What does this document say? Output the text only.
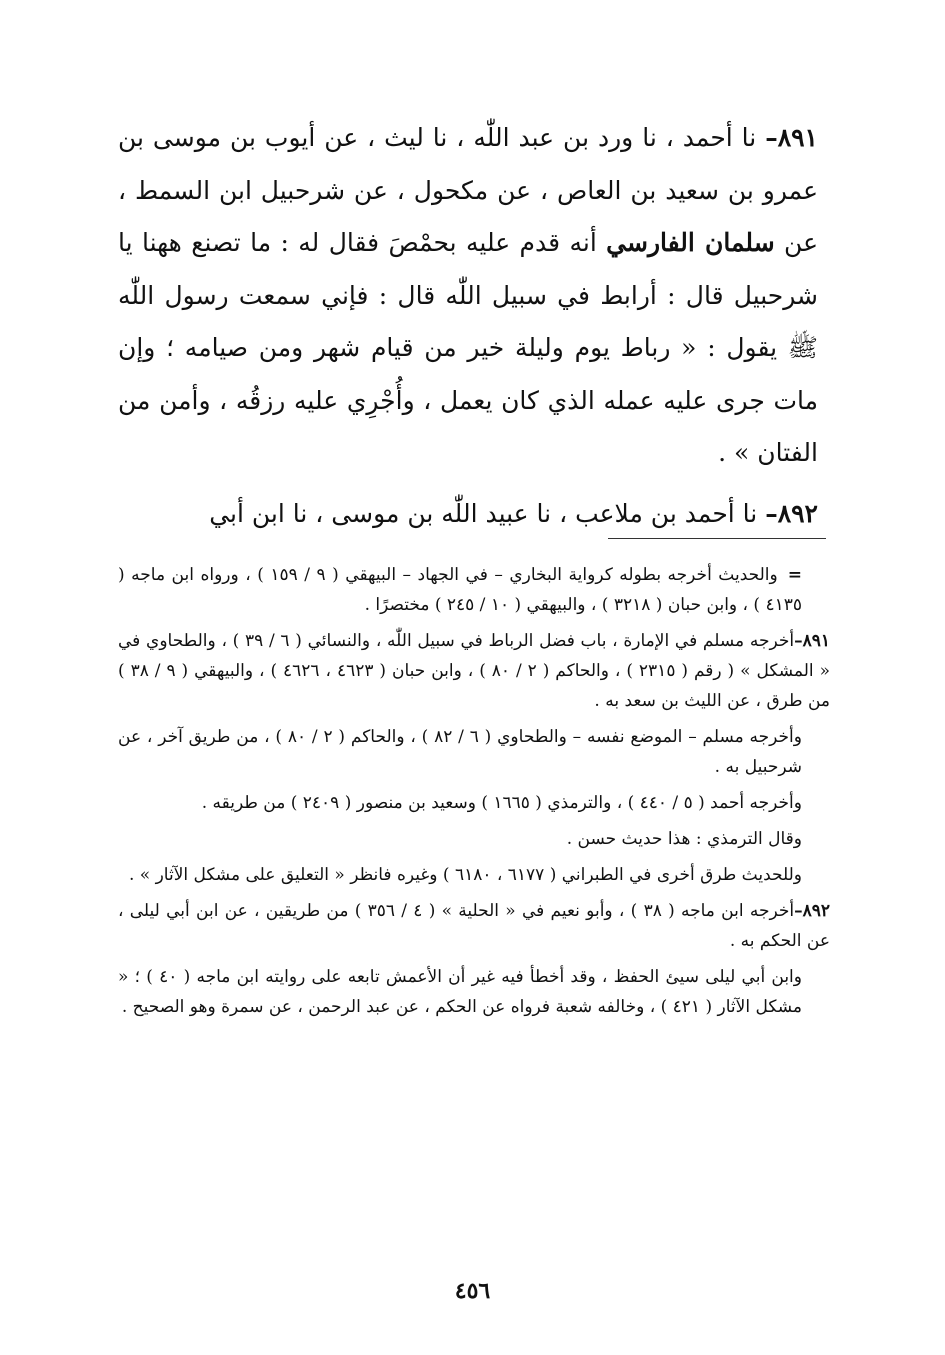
٨٩١– نا أحمد ، نا ورد بن عبد اللّٰه ، نا ليث ، عن أيوب بن موسى بن عمرو بن سعيد بن العاص ، عن مكحول ، عن شرحبيل ابن السمط ، عن سلمان الفارسي أنه قدم عليه بحمْصَ فقال له : ما تصنع ههنا يا شرحبيل قال : أرابط في سبيل اللّٰه قال : فإني سمعت رسول اللّٰه ﷺ يقول : « رباط يوم وليلة خير من قيام شهر ومن صيامه ؛ وإن مات جرى عليه عمله الذي كان يعمل ، وأُجْرِي عليه رزقُه ، وأمن من الفتان » .

٨٩٢– نا أحمد بن ملاعب ، نا عبيد اللّٰه بن موسى ، نا ابن أبي

=والحديث أخرجه بطوله كرواية البخاري – في الجهاد – البيهقي ( ٩ / ١٥٩ ) ، ورواه ابن ماجه ( ٤١٣٥ ) ، وابن حبان ( ٣٢١٨ ) ، والبيهقي ( ١٠ / ٢٤٥ ) مختصرًا .

٨٩١–أخرجه مسلم في الإمارة ، باب فضل الرباط في سبيل اللّٰه ، والنسائي ( ٦ / ٣٩ ) ، والطحاوي في « المشكل » ( رقم ( ٢٣١٥ ) ، والحاكم ( ٢ / ٨٠ ) ، وابن حبان ( ٤٦٢٣ ، ٤٦٢٦ ) ، والبيهقي ( ٩ / ٣٨ ) من طرق ، عن الليث بن سعد به .

وأخرجه مسلم – الموضع نفسه – والطحاوي ( ٦ / ٨٢ ) ، والحاكم ( ٢ / ٨٠ ) ، من طريق آخر ، عن شرحبيل به .

وأخرجه أحمد ( ٥ / ٤٤٠ ) ، والترمذي ( ١٦٦٥ ) وسعيد بن منصور ( ٢٤٠٩ ) من طريقه .

وقال الترمذي : هذا حديث حسن .

وللحديث طرق أخرى في الطبراني ( ٦١٧٧ ، ٦١٨٠ ) وغيره فانظر « التعليق على مشكل الآثار » .

٨٩٢–أخرجه ابن ماجه ( ٣٨ ) ، وأبو نعيم في « الحلية » ( ٤ / ٣٥٦ ) من طريقين ، عن ابن أبي ليلى ، عن الحكم به .

وابن أبي ليلى سيئ الحفظ ، وقد أخطأ فيه غير أن الأعمش تابعه على روايته ابن ماجه ( ٤٠ ) ؛ « مشكل الآثار ( ٤٢١ ) ، وخالفه شعبة فرواه عن الحكم ، عن عبد الرحمن ، عن سمرة وهو الصحيح .

٤٥٦
